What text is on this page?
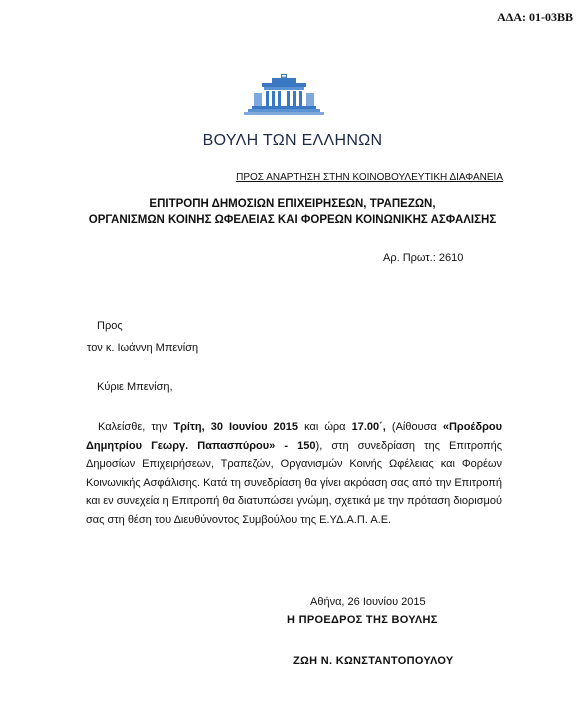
ΑΔΑ: 01-03ΒΒ
ΒΟΥΛΗ ΤΩΝ ΕΛΛΗΝΩΝ
ΠΡΟΣ ΑΝΑΡΤΗΣΗ ΣΤΗΝ ΚΟΙΝΟΒΟΥΛΕΥΤΙΚΗ ΔΙΑΦΑΝΕΙΑ
ΕΠΙΤΡΟΠΗ ΔΗΜΟΣΙΩΝ ΕΠΙΧΕΙΡΗΣΕΩΝ, ΤΡΑΠΕΖΩΝ,
ΟΡΓΑΝΙΣΜΩΝ ΚΟΙΝΗΣ ΩΦΕΛΕΙΑΣ ΚΑΙ ΦΟΡΕΩΝ ΚΟΙΝΩΝΙΚΗΣ ΑΣΦΑΛΙΣΗΣ
Αρ. Πρωτ.: 2610
Προς
τον κ. Ιωάννη Μπενίση
Κύριε Μπενίση,

Καλείσθε, την Τρίτη, 30 Ιουνίου 2015 και ώρα 17.00΄, (Αίθουσα «Προέδρου Δημητρίου Γεωργ. Παπασπύρου» - 150), στη συνεδρίαση της Επιτροπής Δημοσίων Επιχειρήσεων, Τραπεζών, Οργανισμών Κοινής Ωφέλειας και Φορέων Κοινωνικής Ασφάλισης. Κατά τη συνεδρίαση θα γίνει ακρόαση σας από την Επιτροπή και εν συνεχεία η Επιτροπή θα διατυπώσει γνώμη, σχετικά με την πρόταση διορισμού σας στη θέση του Διευθύνοντος Συμβούλου της Ε.ΥΔ.Α.Π. Α.Ε.

Αθήνα, 26 Ιουνίου 2015
Η ΠΡΟΕΔΡΟΣ ΤΗΣ ΒΟΥΛΗΣ
ΖΩΗ Ν. ΚΩΝΣΤΑΝΤΟΠΟΥΛΟΥ
